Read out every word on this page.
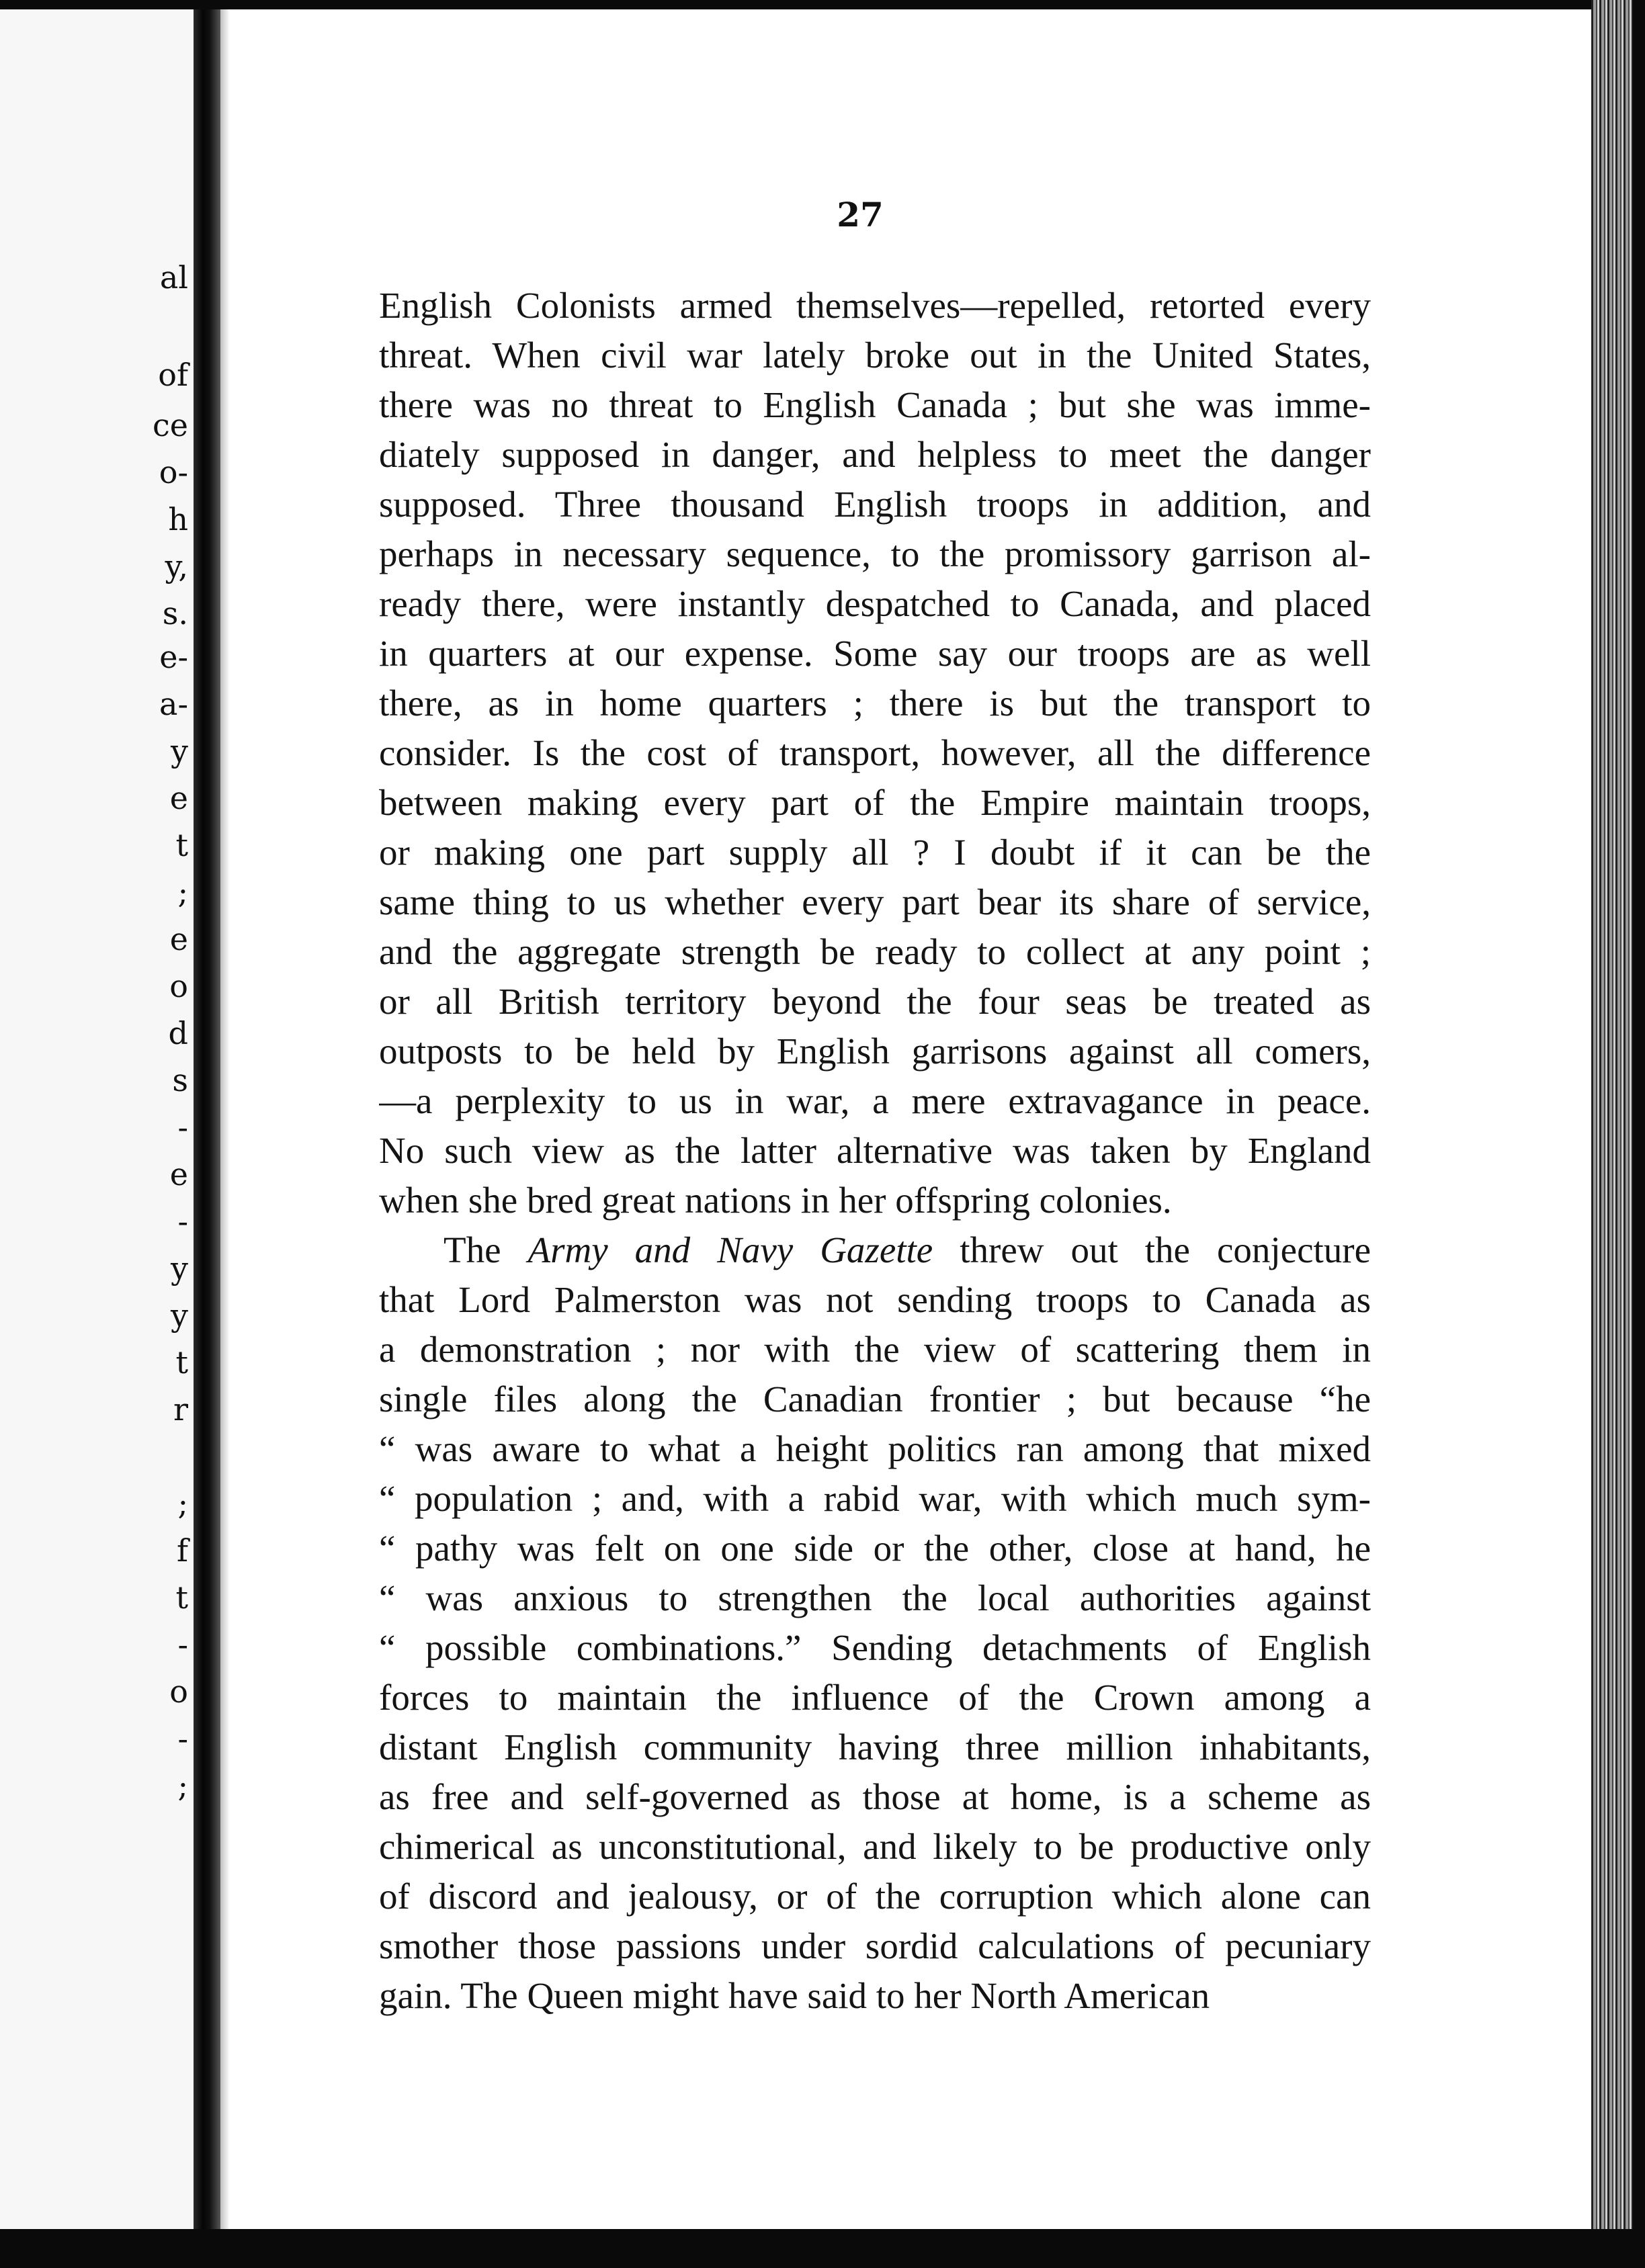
al
of
ce
o-
h
y,
s.
e-
a-
y
e
t
;
e
o
d
s
-
e
-
y
y
t
r
;
f
t
-
o
-
;
27
English Colonists armed themselves—repelled, retorted every
threat. When civil war lately broke out in the United States,
there was no threat to English Canada ; but she was imme-
diately supposed in danger, and helpless to meet the danger
supposed. Three thousand English troops in addition, and
perhaps in necessary sequence, to the promissory garrison al-
ready there, were instantly despatched to Canada, and placed
in quarters at our expense. Some say our troops are as well
there, as in home quarters ; there is but the transport to
consider. Is the cost of transport, however, all the difference
between making every part of the Empire maintain troops,
or making one part supply all ? I doubt if it can be the
same thing to us whether every part bear its share of service,
and the aggregate strength be ready to collect at any point ;
or all British territory beyond the four seas be treated as
outposts to be held by English garrisons against all comers,
—a perplexity to us in war, a mere extravagance in peace.
No such view as the latter alternative was taken by England
when she bred great nations in her offspring colonies.
The Army and Navy Gazette threw out the conjecture
that Lord Palmerston was not sending troops to Canada as
a demonstration ; nor with the view of scattering them in
single files along the Canadian frontier ; but because “he
“ was aware to what a height politics ran among that mixed
“ population ; and, with a rabid war, with which much sym-
“ pathy was felt on one side or the other, close at hand, he
“ was anxious to strengthen the local authorities against
“ possible combinations.” Sending detachments of English
forces to maintain the influence of the Crown among a
distant English community having three million inhabitants,
as free and self-governed as those at home, is a scheme as
chimerical as unconstitutional, and likely to be productive only
of discord and jealousy, or of the corruption which alone can
smother those passions under sordid calculations of pecuniary
gain. The Queen might have said to her North American
